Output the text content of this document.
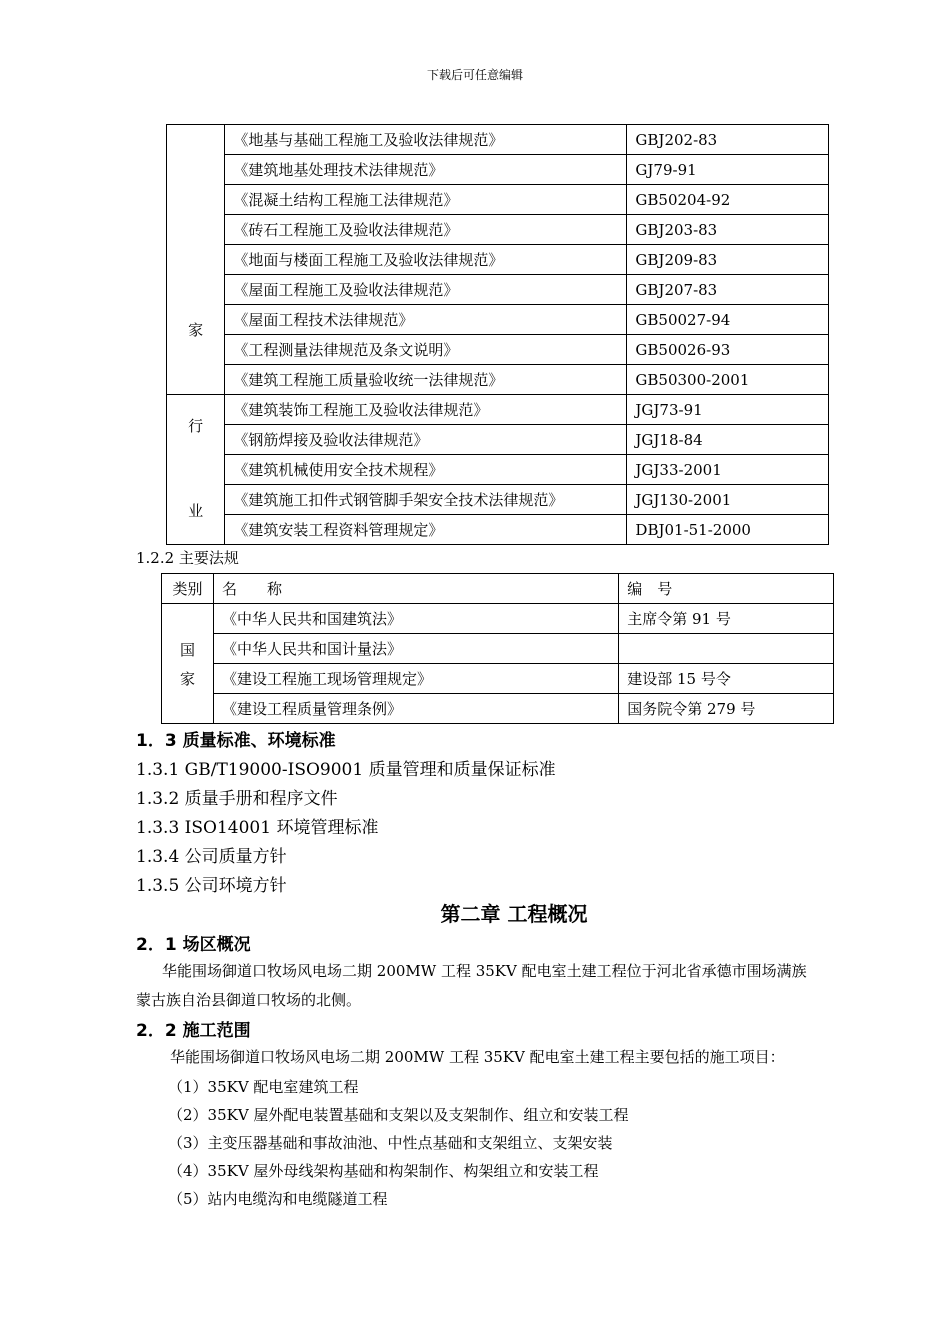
下载后可任意编辑
家	《地基与基础工程施工及验收法律规范》	GBJ202-83
	《建筑地基处理技术法律规范》	GJ79-91
	《混凝土结构工程施工法律规范》	GB50204-92
	《砖石工程施工及验收法律规范》	GBJ203-83
	《地面与楼面工程施工及验收法律规范》	GBJ209-83
	《屋面工程施工及验收法律规范》	GBJ207-83
	《屋面工程技术法律规范》	GB50027-94
	《工程测量法律规范及条文说明》	GB50026-93
	《建筑工程施工质量验收统一法律规范》	GB50300-2001

行
业	《建筑装饰工程施工及验收法律规范》	JGJ73-91
	《钢筋焊接及验收法律规范》	JGJ18-84
	《建筑机械使用安全技术规程》	JGJ33-2001
	《建筑施工扣件式钢管脚手架安全技术法律规范》	JGJ130-2001
	《建筑安装工程资料管理规定》	DBJ01-51-2000
1.2.2 主要法规
类别	名　　称	编　号

国
家	《中华人民共和国建筑法》	主席令第 91 号
	《中华人民共和国计量法》	
	《建设工程施工现场管理规定》	建设部 15 号令
	《建设工程质量管理条例》	国务院令第 279 号
1．3 质量标准、环境标准
1.3.1 GB/T19000-ISO9001 质量管理和质量保证标准
1.3.2 质量手册和程序文件
1.3.3 ISO14001 环境管理标准
1.3.4 公司质量方针
1.3.5 公司环境方针
第二章 工程概况
2．1 场区概况
华能围场御道口牧场风电场二期 200MW 工程 35KV 配电室土建工程位于河北省承德市围场满族
蒙古族自治县御道口牧场的北侧。
2．2 施工范围
华能围场御道口牧场风电场二期 200MW 工程 35KV 配电室土建工程主要包括的施工项目：
（1）35KV 配电室建筑工程
（2）35KV 屋外配电装置基础和支架以及支架制作、组立和安装工程
（3）主变压器基础和事故油池、中性点基础和支架组立、支架安装
（4）35KV 屋外母线架构基础和构架制作、构架组立和安装工程
（5）站内电缆沟和电缆隧道工程
